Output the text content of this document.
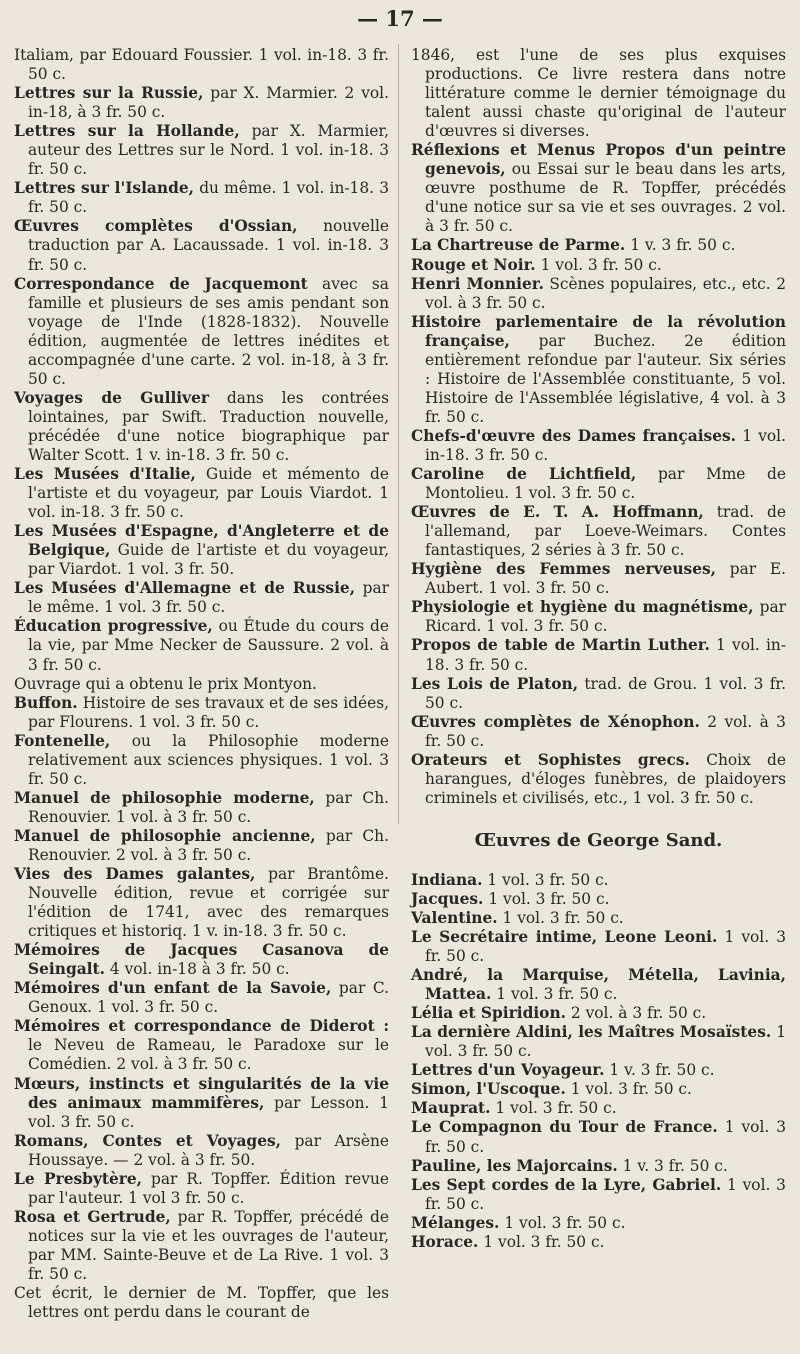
— 17 —

Italiam, par Edouard Foussier. 1 vol. in-18. 3 fr. 50 c.

Lettres sur la Russie, par X. Marmier. 2 vol. in-18, à 3 fr. 50 c.

Lettres sur la Hollande, par X. Marmier, auteur des Lettres sur le Nord. 1 vol. in-18. 3 fr. 50 c.

Lettres sur l'Islande, du même. 1 vol. in-18. 3 fr. 50 c.

Œuvres complètes d'Ossian, nouvelle traduction par A. Lacaussade. 1 vol. in-18. 3 fr. 50 c.

Correspondance de Jacquemont avec sa famille et plusieurs de ses amis pendant son voyage de l'Inde (1828-1832). Nouvelle édition, augmentée de lettres inédites et accompagnée d'une carte. 2 vol. in-18, à 3 fr. 50 c.

Voyages de Gulliver dans les contrées lointaines, par Swift. Traduction nouvelle, précédée d'une notice biographique par Walter Scott. 1 v. in-18. 3 fr. 50 c.

Les Musées d'Italie, Guide et mémento de l'artiste et du voyageur, par Louis Viardot. 1 vol. in-18. 3 fr. 50 c.

Les Musées d'Espagne, d'Angleterre et de Belgique, Guide de l'artiste et du voyageur, par Viardot. 1 vol. 3 fr. 50.

Les Musées d'Allemagne et de Russie, par le même. 1 vol. 3 fr. 50 c.

Éducation progressive, ou Étude du cours de la vie, par Mme Necker de Saussure. 2 vol. à 3 fr. 50 c.

Ouvrage qui a obtenu le prix Montyon.

Buffon. Histoire de ses travaux et de ses idées, par Flourens. 1 vol. 3 fr. 50 c.

Fontenelle, ou la Philosophie moderne relativement aux sciences physiques. 1 vol. 3 fr. 50 c.

Manuel de philosophie moderne, par Ch. Renouvier. 1 vol. à 3 fr. 50 c.

Manuel de philosophie ancienne, par Ch. Renouvier. 2 vol. à 3 fr. 50 c.

Vies des Dames galantes, par Brantôme. Nouvelle édition, revue et corrigée sur l'édition de 1741, avec des remarques critiques et historiq. 1 v. in-18. 3 fr. 50 c.

Mémoires de Jacques Casanova de Seingalt. 4 vol. in-18 à 3 fr. 50 c.

Mémoires d'un enfant de la Savoie, par C. Genoux. 1 vol. 3 fr. 50 c.

Mémoires et correspondance de Diderot : le Neveu de Rameau, le Paradoxe sur le Comédien. 2 vol. à 3 fr. 50 c.

Mœurs, instincts et singularités de la vie des animaux mammifères, par Lesson. 1 vol. 3 fr. 50 c.

Romans, Contes et Voyages, par Arsène Houssaye. — 2 vol. à 3 fr. 50.

Le Presbytère, par R. Topffer. Édition revue par l'auteur. 1 vol 3 fr. 50 c.

Rosa et Gertrude, par R. Topffer, précédé de notices sur la vie et les ouvrages de l'auteur, par MM. Sainte-Beuve et de La Rive. 1 vol. 3 fr. 50 c.

Cet écrit, le dernier de M. Topffer, que les lettres ont perdu dans le courant de

1846, est l'une de ses plus exquises productions. Ce livre restera dans notre littérature comme le dernier témoignage du talent aussi chaste qu'original de l'auteur d'œuvres si diverses.

Réflexions et Menus Propos d'un peintre genevois, ou Essai sur le beau dans les arts, œuvre posthume de R. Topffer, précédés d'une notice sur sa vie et ses ouvrages. 2 vol. à 3 fr. 50 c.

La Chartreuse de Parme. 1 v. 3 fr. 50 c.

Rouge et Noir. 1 vol. 3 fr. 50 c.

Henri Monnier. Scènes populaires, etc., etc. 2 vol. à 3 fr. 50 c.

Histoire parlementaire de la révolution française, par Buchez. 2e édition entièrement refondue par l'auteur. Six séries : Histoire de l'Assemblée constituante, 5 vol. Histoire de l'Assemblée législative, 4 vol. à 3 fr. 50 c.

Chefs-d'œuvre des Dames françaises. 1 vol. in-18. 3 fr. 50 c.

Caroline de Lichtfield, par Mme de Montolieu. 1 vol. 3 fr. 50 c.

Œuvres de E. T. A. Hoffmann, trad. de l'allemand, par Loeve-Weimars. Contes fantastiques, 2 séries à 3 fr. 50 c.

Hygiène des Femmes nerveuses, par E. Aubert. 1 vol. 3 fr. 50 c.

Physiologie et hygiène du magnétisme, par Ricard. 1 vol. 3 fr. 50 c.

Propos de table de Martin Luther. 1 vol. in-18. 3 fr. 50 c.

Les Lois de Platon, trad. de Grou. 1 vol. 3 fr. 50 c.

Œuvres complètes de Xénophon. 2 vol. à 3 fr. 50 c.

Orateurs et Sophistes grecs. Choix de harangues, d'éloges funèbres, de plaidoyers criminels et civilisés, etc., 1 vol. 3 fr. 50 c.

Œuvres de George Sand.

Indiana. 1 vol. 3 fr. 50 c.

Jacques. 1 vol. 3 fr. 50 c.

Valentine. 1 vol. 3 fr. 50 c.

Le Secrétaire intime, Leone Leoni. 1 vol. 3 fr. 50 c.

André, la Marquise, Métella, Lavinia, Mattea. 1 vol. 3 fr. 50 c.

Lélia et Spiridion. 2 vol. à 3 fr. 50 c.

La dernière Aldini, les Maîtres Mosaïstes. 1 vol. 3 fr. 50 c.

Lettres d'un Voyageur. 1 v. 3 fr. 50 c.

Simon, l'Uscoque. 1 vol. 3 fr. 50 c.

Mauprat. 1 vol. 3 fr. 50 c.

Le Compagnon du Tour de France. 1 vol. 3 fr. 50 c.

Pauline, les Majorcains. 1 v. 3 fr. 50 c.

Les Sept cordes de la Lyre, Gabriel. 1 vol. 3 fr. 50 c.

Mélanges. 1 vol. 3 fr. 50 c.

Horace. 1 vol. 3 fr. 50 c.
